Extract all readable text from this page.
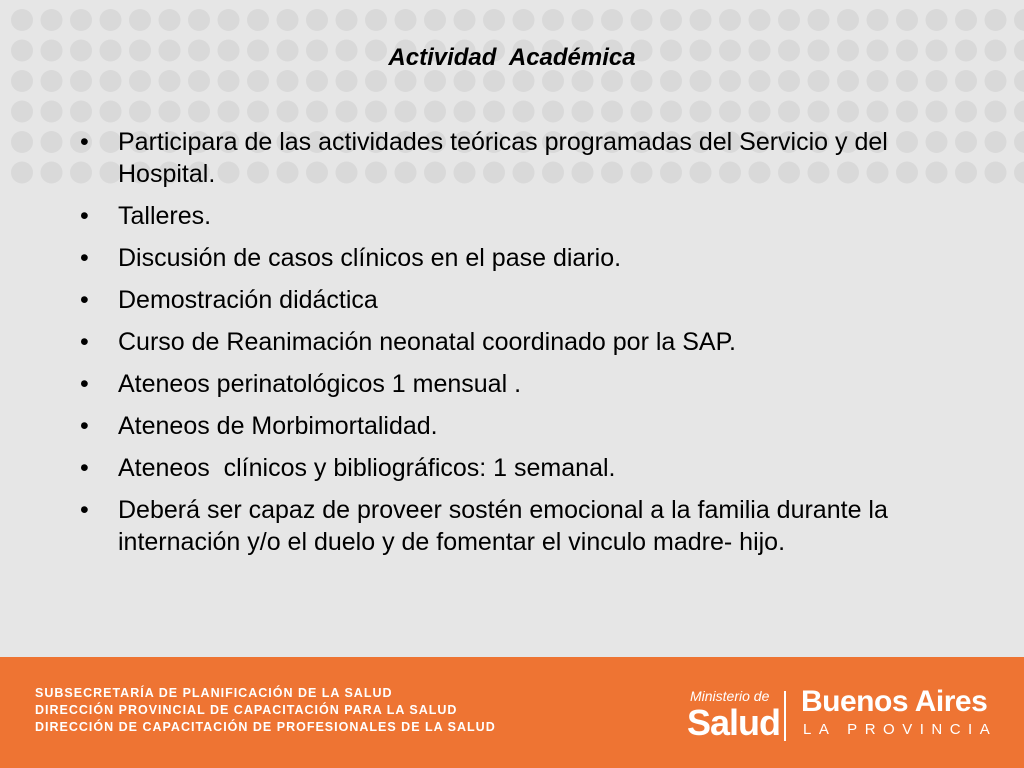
Actividad  Académica
• Participara de las actividades teóricas programadas del Servicio y del Hospital.
• Talleres.
• Discusión de casos clínicos en el pase diario.
• Demostración didáctica
• Curso de Reanimación neonatal coordinado por la SAP.
• Ateneos perinatológicos 1 mensual .
• Ateneos de Morbimortalidad.
• Ateneos  clínicos y bibliográficos: 1 semanal.
• Deberá ser capaz de proveer sostén emocional a la familia durante la internación y/o el duelo y de fomentar el vinculo madre- hijo.
SUBSECRETARÍA DE PLANIFICACIÓN DE LA SALUD
DIRECCIÓN PROVINCIAL DE CAPACITACIÓN PARA LA SALUD
DIRECCIÓN DE CAPACITACIÓN DE PROFESIONALES DE LA SALUD
Ministerio de
Salud
Buenos Aires
LA PROVINCIA
